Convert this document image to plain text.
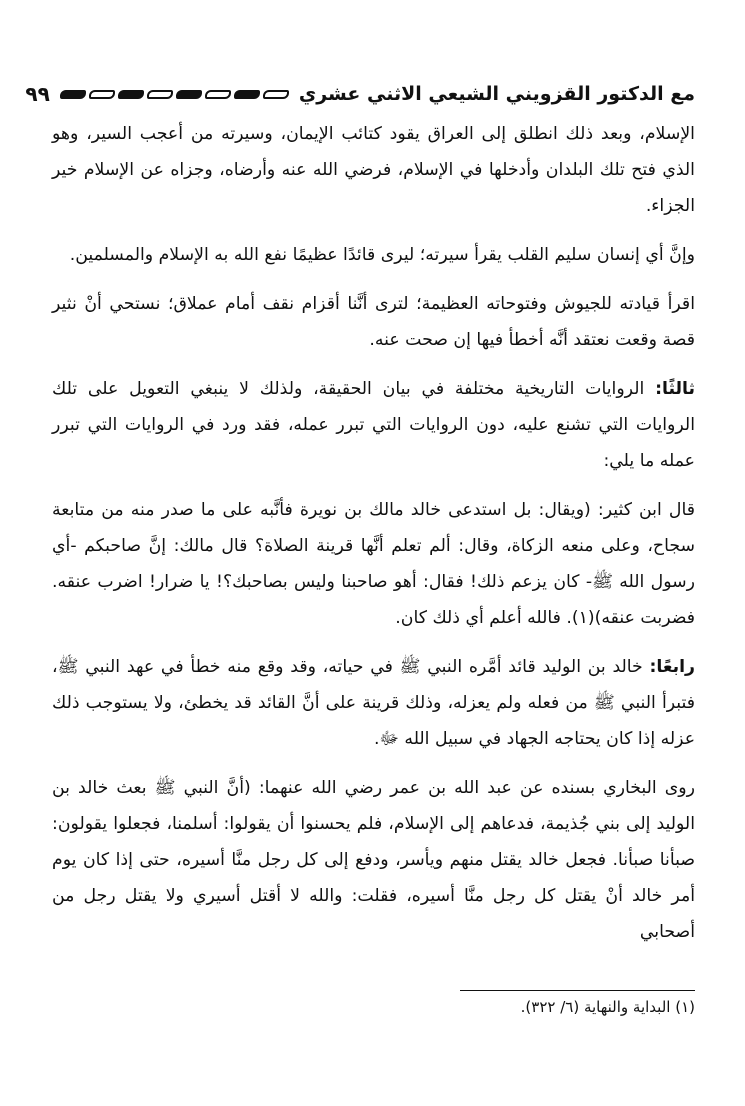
مع الدكتور القزويني الشيعي الاثني عشري
٩٩

الإسلام، وبعد ذلك انطلق إلى العراق يقود كتائب الإيمان، وسيرته من أعجب السير، وهو الذي فتح تلك البلدان وأدخلها في الإسلام، فرضي الله عنه وأرضاه، وجزاه عن الإسلام خير الجزاء.

وإنَّ أي إنسان سليم القلب يقرأ سيرته؛ ليرى قائدًا عظيمًا نفع الله به الإسلام والمسلمين.

اقرأ قيادته للجيوش وفتوحاته العظيمة؛ لترى أنَّنا أقزام نقف أمام عملاق؛ نستحي أنْ نثير قصة وقعت نعتقد أنَّه أخطأ فيها إن صحت عنه.

ثالثًا: الروايات التاريخية مختلفة في بيان الحقيقة، ولذلك لا ينبغي التعويل على تلك الروايات التي تشنع عليه، دون الروايات التي تبرر عمله، فقد ورد في الروايات التي تبرر عمله ما يلي:

قال ابن كثير: (ويقال: بل استدعى خالد مالك بن نويرة فأنَّبه على ما صدر منه من متابعة سجاح، وعلى منعه الزكاة، وقال: ألم تعلم أنَّها قرينة الصلاة؟ قال مالك: إنَّ صاحبكم -أي رسول الله ﷺ- كان يزعم ذلك! فقال: أهو صاحبنا وليس بصاحبك؟! يا ضرار! اضرب عنقه. فضربت عنقه)(١). فالله أعلم أي ذلك كان.

رابعًا: خالد بن الوليد قائد أمَّره النبي ﷺ في حياته، وقد وقع منه خطأ في عهد النبي ﷺ، فتبرأ النبي ﷺ من فعله ولم يعزله، وذلك قرينة على أنَّ القائد قد يخطئ، ولا يستوجب ذلك عزله إذا كان يحتاجه الجهاد في سبيل الله ﷻ.

روى البخاري بسنده عن عبد الله بن عمر رضي الله عنهما: (أنَّ النبي ﷺ بعث خالد بن الوليد إلى بني جُذيمة، فدعاهم إلى الإسلام، فلم يحسنوا أن يقولوا: أسلمنا، فجعلوا يقولون: صبأنا صبأنا. فجعل خالد يقتل منهم ويأسر، ودفع إلى كل رجل منَّا أسيره، حتى إذا كان يوم أمر خالد أنْ يقتل كل رجل منَّا أسيره، فقلت: والله لا أقتل أسيري ولا يقتل رجل من أصحابي

(١) البداية والنهاية (٦/ ٣٢٢).
